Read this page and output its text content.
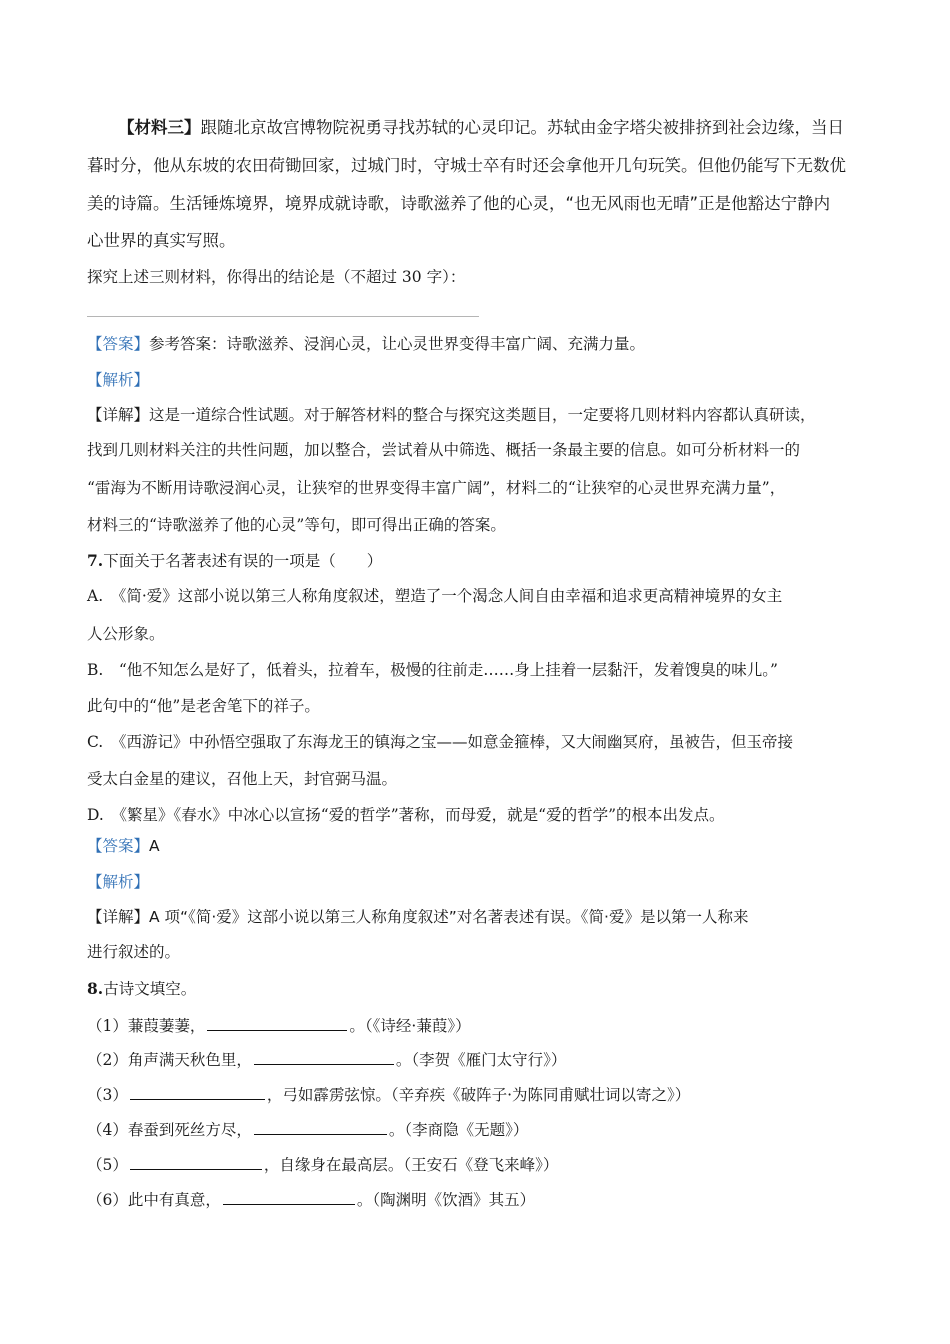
【材料三】跟随北京故宫博物院祝勇寻找苏轼的心灵印记。苏轼由金字塔尖被排挤到社会边缘，当日
暮时分，他从东坡的农田荷锄回家，过城门时，守城士卒有时还会拿他开几句玩笑。但他仍能写下无数优
美的诗篇。生活锤炼境界，境界成就诗歌，诗歌滋养了他的心灵，“也无风雨也无晴”正是他豁达宁静内
心世界的真实写照。
探究上述三则材料，你得出的结论是（不超过 30 字）：
【答案】参考答案：诗歌滋养、浸润心灵，让心灵世界变得丰富广阔、充满力量。
【解析】
【详解】这是一道综合性试题。对于解答材料的整合与探究这类题目，一定要将几则材料内容都认真研读，
找到几则材料关注的共性问题，加以整合，尝试着从中筛选、概括一条最主要的信息。如可分析材料一的
“雷海为不断用诗歌浸润心灵，让狭窄的世界变得丰富广阔”，材料二的“让狭窄的心灵世界充满力量”，
材料三的“诗歌滋养了他的心灵”等句，即可得出正确的答案。
7.下面关于名著表述有误的一项是（　　）
A.　《简·爱》这部小说以第三人称角度叙述，塑造了一个渴念人间自由幸福和追求更高精神境界的女主
人公形象。
B.　“他不知怎么是好了，低着头，拉着车，极慢的往前走……身上挂着一层黏汗，发着馊臭的味儿。”
此句中的“他”是老舍笔下的祥子。
C.　《西游记》中孙悟空强取了东海龙王的镇海之宝——如意金箍棒，又大闹幽冥府，虽被告，但玉帝接
受太白金星的建议，召他上天，封官弼马温。
D.　《繁星》《春水》中冰心以宣扬“爱的哲学”著称，而母爱，就是“爱的哲学”的根本出发点。
【答案】A
【解析】
【详解】A 项“《简·爱》这部小说以第三人称角度叙述”对名著表述有误。《简·爱》是以第一人称来
进行叙述的。
8.古诗文填空。
（1）蒹葭萋萋，	。（《诗经·蒹葭》）
（2）角声满天秋色里，	。（李贺《雁门太守行》）
（3）	，弓如霹雳弦惊。（辛弃疾《破阵子·为陈同甫赋壮词以寄之》）
（4）春蚕到死丝方尽，	。（李商隐《无题》）
（5）	，自缘身在最高层。（王安石《登飞来峰》）
（6）此中有真意，	。（陶渊明《饮酒》其五）
